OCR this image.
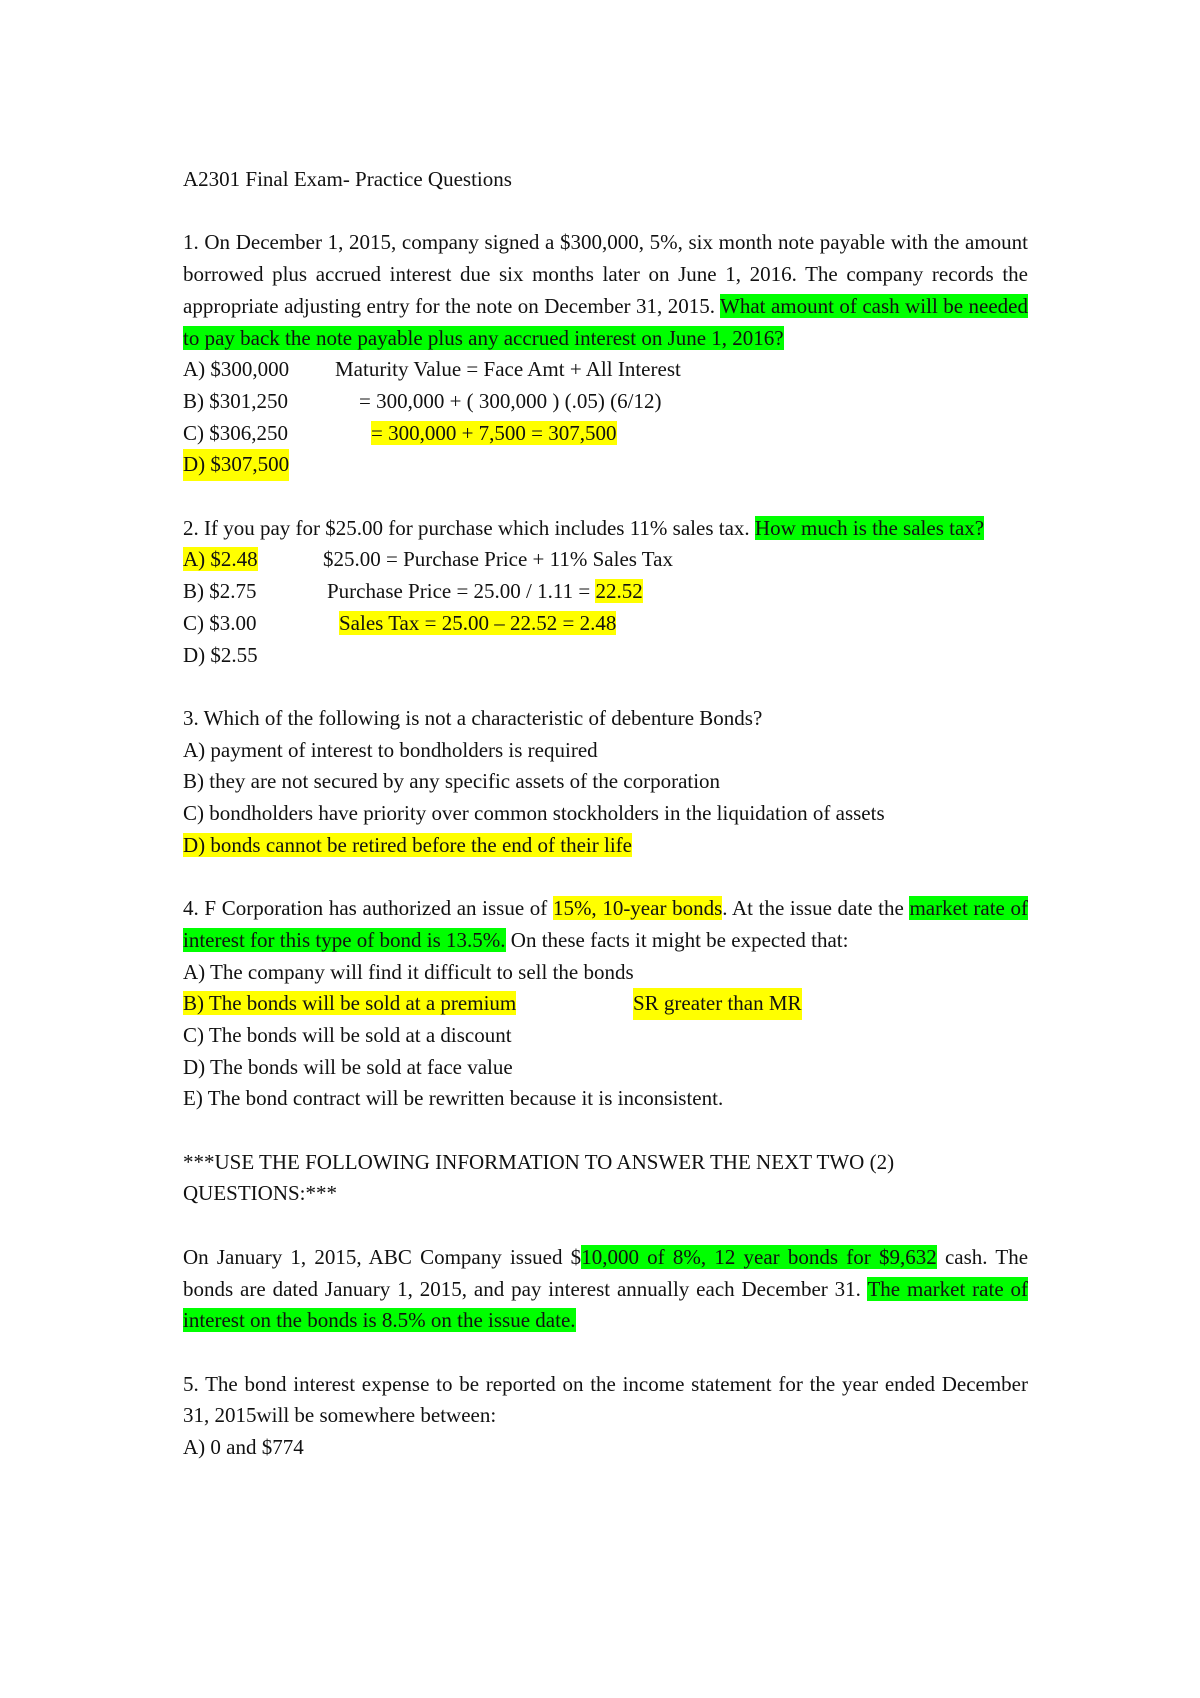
A2301 Final Exam- Practice Questions

1. On December 1, 2015, company signed a $300,000, 5%, six month note payable with the amount borrowed plus accrued interest due six months later on June 1, 2016. The company records the appropriate adjusting entry for the note on December 31, 2015. What amount of cash will be needed to pay back the note payable plus any accrued interest on June 1, 2016?

A) $300,000	Maturity Value = Face Amt + All Interest
B) $301,250	= 300,000 + ( 300,000 ) (.05) (6/12)
C) $306,250	= 300,000 + 7,500 = 307,500
D) $307,500

2. If you pay for $25.00 for purchase which includes 11% sales tax. How much is the sales tax?

A) $2.48	$25.00 = Purchase Price + 11% Sales Tax
B) $2.75	Purchase Price = 25.00 / 1.11 = 22.52
C) $3.00	Sales Tax = 25.00 – 22.52 = 2.48
D) $2.55

3. Which of the following is not a characteristic of debenture Bonds?

A) payment of interest to bondholders is required

B) they are not secured by any specific assets of the corporation

C) bondholders have priority over common stockholders in the liquidation of assets

D) bonds cannot be retired before the end of their life

4. F Corporation has authorized an issue of 15%, 10-year bonds. At the issue date the market rate of interest for this type of bond is 13.5%. On these facts it might be expected that:

A) The company will find it difficult to sell the bonds

B) The bonds will be sold at a premium	SR greater than MR

C) The bonds will be sold at a discount

D) The bonds will be sold at face value

E) The bond contract will be rewritten because it is inconsistent.

***USE THE FOLLOWING INFORMATION TO ANSWER THE NEXT TWO (2) QUESTIONS:***

On January 1, 2015, ABC Company issued $10,000 of 8%, 12 year bonds for $9,632 cash. The bonds are dated January 1, 2015, and pay interest annually each December 31. The market rate of interest on the bonds is 8.5% on the issue date.

5. The bond interest expense to be reported on the income statement for the year ended December 31, 2015will be somewhere between:

A) 0 and $774
